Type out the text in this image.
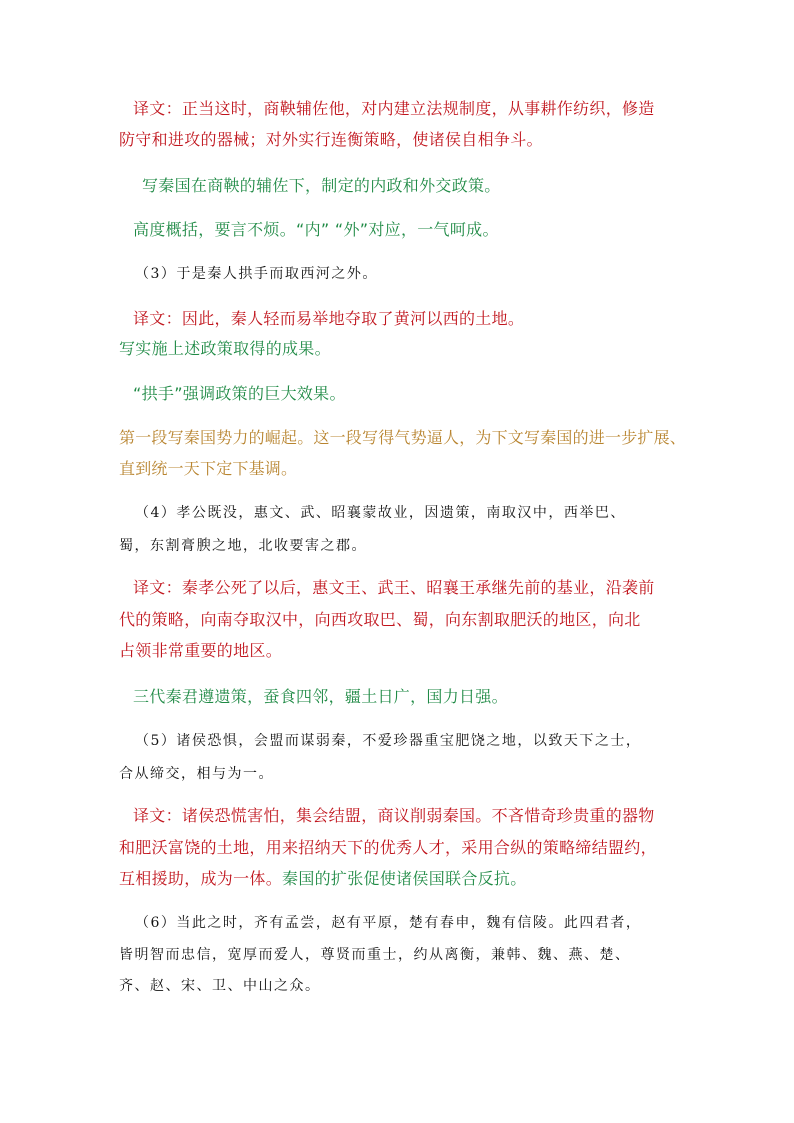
译文：正当这时，商鞅辅佐他，对内建立法规制度，从事耕作纺织，修造

防守和进攻的器械；对外实行连衡策略，使诸侯自相争斗。

写秦国在商鞅的辅佐下，制定的内政和外交政策。

高度概括，要言不烦。“内” “外”对应，一气呵成。

（3）于是秦人拱手而取西河之外。

译文：因此，秦人轻而易举地夺取了黄河以西的土地。

写实施上述政策取得的成果。

“拱手”强调政策的巨大效果。

第一段写秦国势力的崛起。这一段写得气势逼人，为下文写秦国的进一步扩展、

直到统一天下定下基调。

（4）孝公既没，惠文、武、昭襄蒙故业，因遗策，南取汉中，西举巴、

蜀，东割膏腴之地，北收要害之郡。

译文：秦孝公死了以后，惠文王、武王、昭襄王承继先前的基业，沿袭前

代的策略，向南夺取汉中，向西攻取巴、蜀，向东割取肥沃的地区，向北

占领非常重要的地区。

三代秦君遵遗策，蚕食四邻，疆土日广，国力日强。

（5）诸侯恐惧，会盟而谋弱秦，不爱珍器重宝肥饶之地，以致天下之士，

合从缔交，相与为一。

译文：诸侯恐慌害怕，集会结盟，商议削弱秦国。不吝惜奇珍贵重的器物

和肥沃富饶的土地，用来招纳天下的优秀人才，采用合纵的策略缔结盟约，

互相援助，成为一体。秦国的扩张促使诸侯国联合反抗。

（6）当此之时，齐有孟尝，赵有平原，楚有春申，魏有信陵。此四君者，

皆明智而忠信，宽厚而爱人，尊贤而重士，约从离衡，兼韩、魏、燕、楚、

齐、赵、宋、卫、中山之众。
